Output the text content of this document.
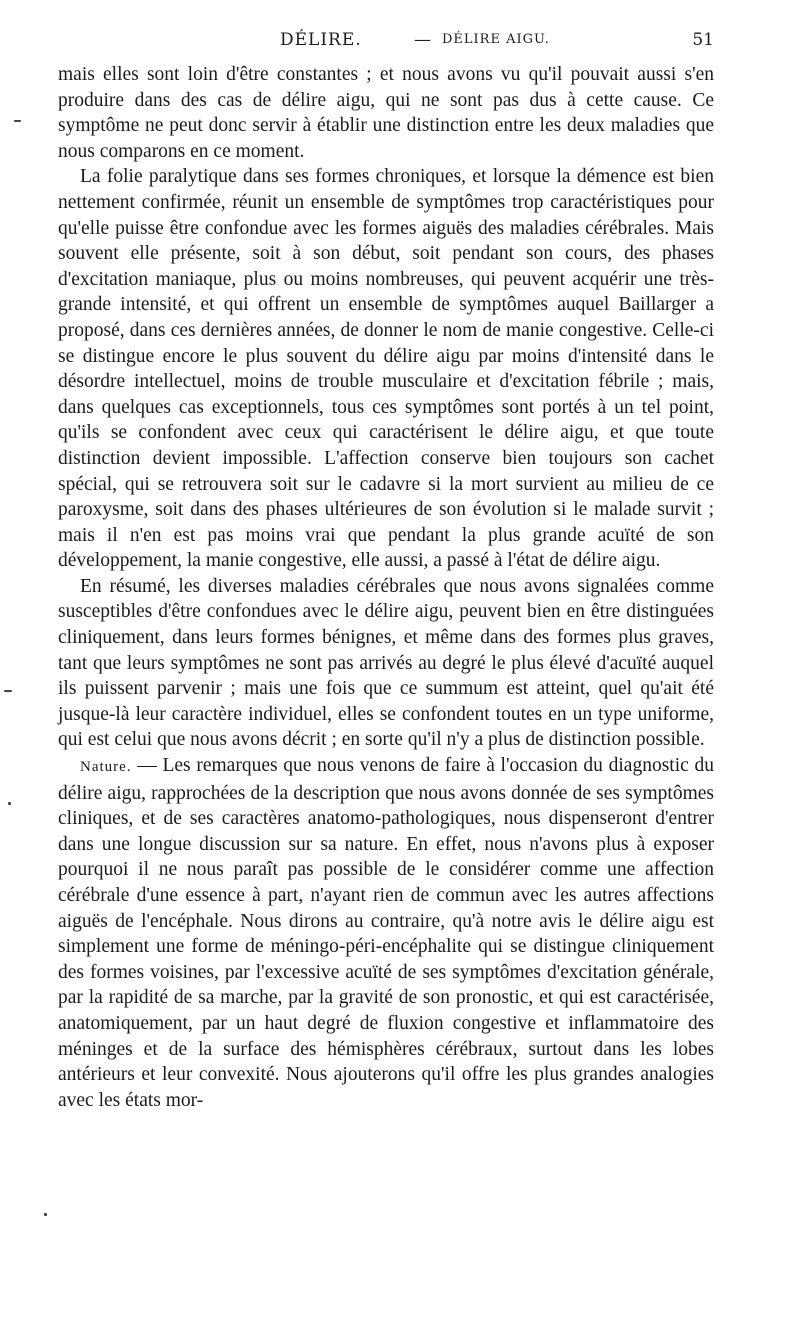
DÉLIRE.	— DÉLIRE AIGU.	51

mais elles sont loin d'être constantes ; et nous avons vu qu'il pouvait aussi s'en produire dans des cas de délire aigu, qui ne sont pas dus à cette cause. Ce symptôme ne peut donc servir à établir une distinction entre les deux maladies que nous comparons en ce moment.

La folie paralytique dans ses formes chroniques, et lorsque la démence est bien nettement confirmée, réunit un ensemble de symptômes trop caractéristiques pour qu'elle puisse être confondue avec les formes aiguës des maladies cérébrales. Mais souvent elle présente, soit à son début, soit pendant son cours, des phases d'excitation maniaque, plus ou moins nombreuses, qui peuvent acquérir une très-grande intensité, et qui offrent un ensemble de symptômes auquel Baillarger a proposé, dans ces dernières années, de donner le nom de manie congestive. Celle-ci se distingue encore le plus souvent du délire aigu par moins d'intensité dans le désordre intellectuel, moins de trouble musculaire et d'excitation fébrile ; mais, dans quelques cas exceptionnels, tous ces symptômes sont portés à un tel point, qu'ils se confondent avec ceux qui caractérisent le délire aigu, et que toute distinction devient impossible. L'affection conserve bien toujours son cachet spécial, qui se retrouvera soit sur le cadavre si la mort survient au milieu de ce paroxysme, soit dans des phases ultérieures de son évolution si le malade survit ; mais il n'en est pas moins vrai que pendant la plus grande acuïté de son développement, la manie congestive, elle aussi, a passé à l'état de délire aigu.

En résumé, les diverses maladies cérébrales que nous avons signalées comme susceptibles d'être confondues avec le délire aigu, peuvent bien en être distinguées cliniquement, dans leurs formes bénignes, et même dans des formes plus graves, tant que leurs symptômes ne sont pas arrivés au degré le plus élevé d'acuïté auquel ils puissent parvenir ; mais une fois que ce summum est atteint, quel qu'ait été jusque-là leur caractère individuel, elles se confondent toutes en un type uniforme, qui est celui que nous avons décrit ; en sorte qu'il n'y a plus de distinction possible.

Nature. — Les remarques que nous venons de faire à l'occasion du diagnostic du délire aigu, rapprochées de la description que nous avons donnée de ses symptômes cliniques, et de ses caractères anatomo-pathologiques, nous dispenseront d'entrer dans une longue discussion sur sa nature. En effet, nous n'avons plus à exposer pourquoi il ne nous paraît pas possible de le considérer comme une affection cérébrale d'une essence à part, n'ayant rien de commun avec les autres affections aiguës de l'encéphale. Nous dirons au contraire, qu'à notre avis le délire aigu est simplement une forme de méningo-péri-encéphalite qui se distingue cliniquement des formes voisines, par l'excessive acuïté de ses symptômes d'excitation générale, par la rapidité de sa marche, par la gravité de son pronostic, et qui est caractérisée, anatomiquement, par un haut degré de fluxion congestive et inflammatoire des méninges et de la surface des hémisphères cérébraux, surtout dans les lobes antérieurs et leur convexité. Nous ajouterons qu'il offre les plus grandes analogies avec les états mor-
